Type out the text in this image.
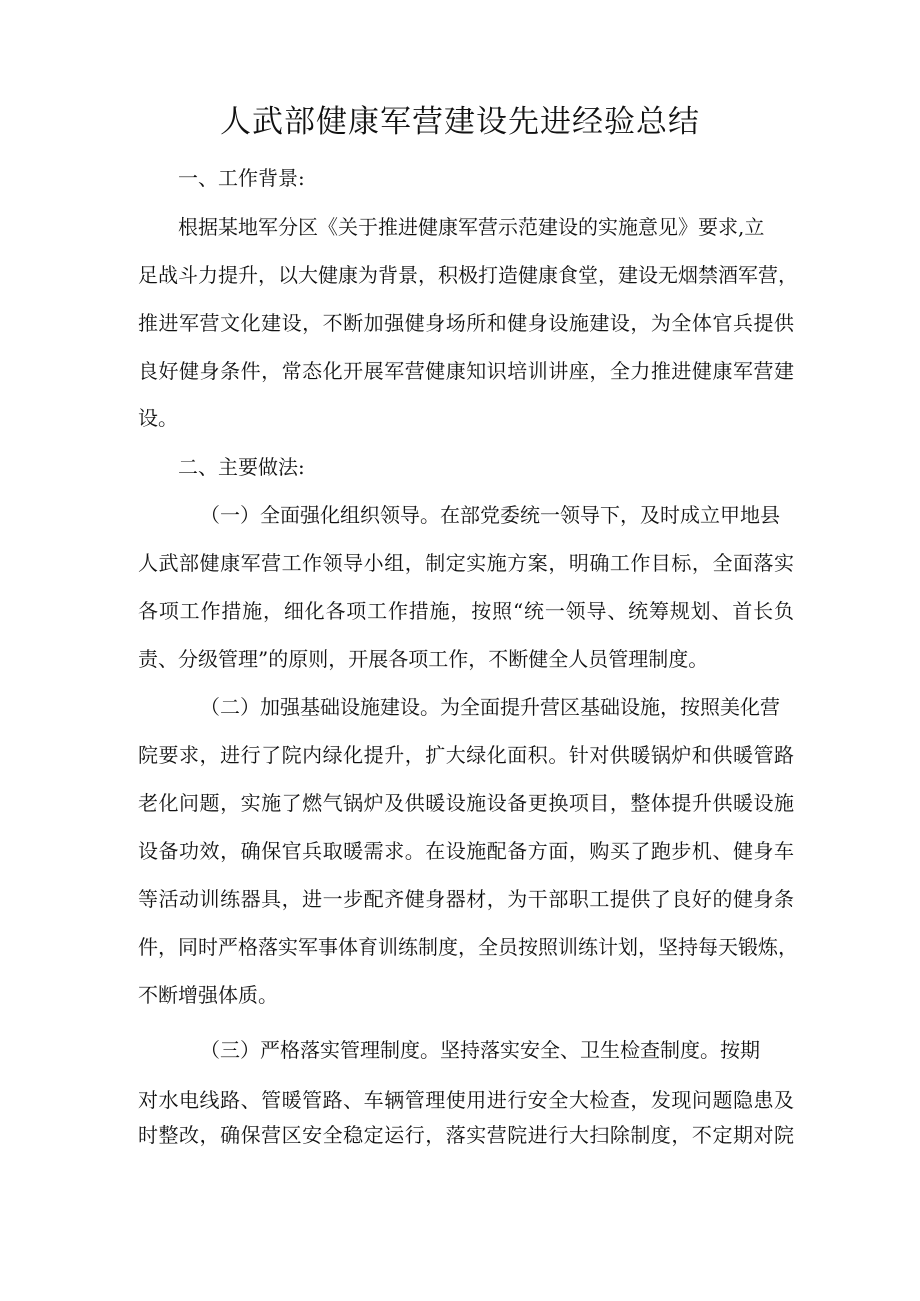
人武部健康军营建设先进经验总结

一、工作背景:

根据某地军分区《关于推进健康军营示范建设的实施意见》要求,立

足战斗力提升，以大健康为背景，积极打造健康食堂，建设无烟禁酒军营，

推进军营文化建设，不断加强健身场所和健身设施建设，为全体官兵提供

良好健身条件，常态化开展军营健康知识培训讲座，全力推进健康军营建

设。

二、主要做法:

（一）全面强化组织领导。在部党委统一领导下，及时成立甲地县

人武部健康军营工作领导小组，制定实施方案，明确工作目标，全面落实

各项工作措施，细化各项工作措施，按照“统一领导、统筹规划、首长负

责、分级管理”的原则，开展各项工作，不断健全人员管理制度。

（二）加强基础设施建设。为全面提升营区基础设施，按照美化营

院要求，进行了院内绿化提升，扩大绿化面积。针对供暖锅炉和供暖管路

老化问题，实施了燃气锅炉及供暖设施设备更换项目，整体提升供暖设施

设备功效，确保官兵取暖需求。在设施配备方面，购买了跑步机、健身车

等活动训练器具，进一步配齐健身器材，为干部职工提供了良好的健身条

件，同时严格落实军事体育训练制度，全员按照训练计划，坚持每天锻炼，

不断增强体质。

（三）严格落实管理制度。坚持落实安全、卫生检查制度。按期

对水电线路、管暖管路、车辆管理使用进行安全大检查，发现问题隐患及

时整改，确保营区安全稳定运行，落实营院进行大扫除制度，不定期对院
